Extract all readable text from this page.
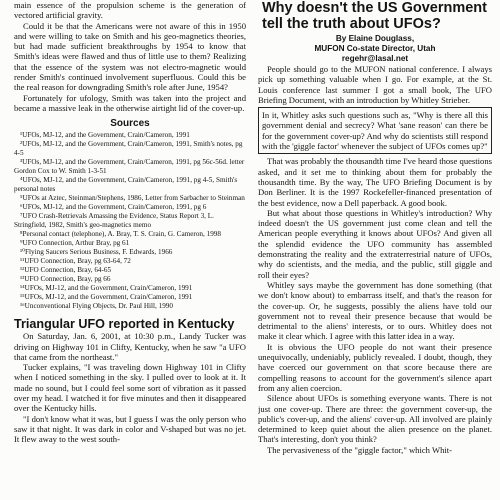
main essence of the propulsion scheme is the generation of vectored artificial gravity.

Could it be that the Americans were not aware of this in 1950 and were willing to take on Smith and his geo-magnetics theories, but had made sufficient breakthroughs by 1954 to know that Smith's ideas were flawed and thus of little use to them? Realizing that the essence of the system was not electro-magnetic would render Smith's continued involvement superfluous. Could this be the real reason for downgrading Smith's role after June, 1954?

Fortunately for ufology, Smith was taken into the project and became a massive leak in the otherwise airtight lid of the cover-up.

Sources
¹UFOs, MJ-12, and the Government, Crain/Cameron, 1991
²UFOs, MJ-12, and the Government, Crain/Cameron, 1991, Smith's notes, pg 4-5
³UFOs, MJ-12, and the Government, Crain/Cameron, 1991, pg 56c-56d. letter Gordon Cox to W. Smith 1-3-51
⁴UFOs, MJ-12, and the Government, Crain/Cameron, 1991, pg 4-5, Smith's personal notes
⁵UFOs at Aztec, Steinman/Stephens, 1986, Letter from Sarbacher to Steinman
⁶UFOs, MJ-12, and the Government, Crain/Cameron, 1991, pg 6
⁷UFO Crash-Retrievals Amassing the Evidence, Status Report 3, L. Stringfield, 1982, Smith's geo-magnetics memo
⁸Personal contact (telephone), A. Bray, T. S. Crain, G. Cameron, 1998
⁹UFO Connection, Arthur Bray, pg 61
¹⁰Flying Saucers Serious Business, F. Edwards, 1966
¹¹UFO Connection, Bray, pg 63-64, 72
¹²UFO Connection, Bray, 64-65
¹³UFO Connection, Bray, pg 66
¹⁴UFOs, MJ-12, and the Government, Crain/Cameron, 1991
¹⁵UFOs, MJ-12, and the Government, Crain/Cameron, 1991
¹⁶Unconventional Flying Objects, Dr. Paul Hill, 1990
Triangular UFO reported in Kentucky

On Saturday, Jan. 6, 2001, at 10:30 p.m., Landy Tucker was driving on Highway 101 in Clifty, Kentucky, when he saw "a UFO that came from the northeast."

Tucker explains, "I was traveling down Highway 101 in Clifty when I noticed something in the sky. I pulled over to look at it. It made no sound, but I could feel some sort of vibration as it passed over my head. I watched it for five minutes and then it disappeared over the Kentucky hills.

"I don't know what it was, but I guess I was the only person who saw it that night. It was dark in color and V-shaped but was no jet. It flew away to the west south-

Why doesn't the US Government tell the truth about UFOs?
By Elaine Douglass,
MUFON Co-state Director, Utah
regehr@lasal.net

People should go to the MUFON national conference. I always pick up something valuable when I go. For example, at the St. Louis conference last summer I got a small book, The UFO Briefing Document, with an introduction by Whitley Strieber.

In it, Whitley asks such questions such as, "Why is there all this government denial and secrecy? What 'sane reason' can there be for the government cover-up? And why do scientists still respond with the 'giggle factor' whenever the subject of UFOs comes up?"

That was probably the thousandth time I've heard those questions asked, and it set me to thinking about them for probably the thousandth time. By the way, The UFO Briefing Document is by Don Berliner. It is the 1997 Rockefeller-financed presentation of the best evidence, now a Dell paperback. A good book.

But what about those questions in Whitley's introduction? Why indeed doesn't the US government just come clean and tell the American people everything it knows about UFOs? And given all the splendid evidence the UFO community has assembled demonstrating the reality and the extraterrestrial nature of UFOs, why do scientists, and the media, and the public, still giggle and roll their eyes?

Whitley says maybe the government has done something (that we don't know about) to embarrass itself, and that's the reason for the cover-up. Or, he suggests, possibly the aliens have told our government not to reveal their presence because that would be detrimental to the aliens' interests, or to ours. Whitley does not make it clear which. I agree with this latter idea in a way.

It is obvious the UFO people do not want their presence unequivocally, undeniably, publicly revealed. I doubt, though, they have coerced our government on that score because there are compelling reasons to account for the government's silence apart from any alien coercion.

Silence about UFOs is something everyone wants. There is not just one cover-up. There are three: the government cover-up, the public's cover-up, and the aliens' cover-up. All involved are plainly determined to keep quiet about the alien presence on the planet. That's interesting, don't you think?

The pervasiveness of the "giggle factor," which Whit-
